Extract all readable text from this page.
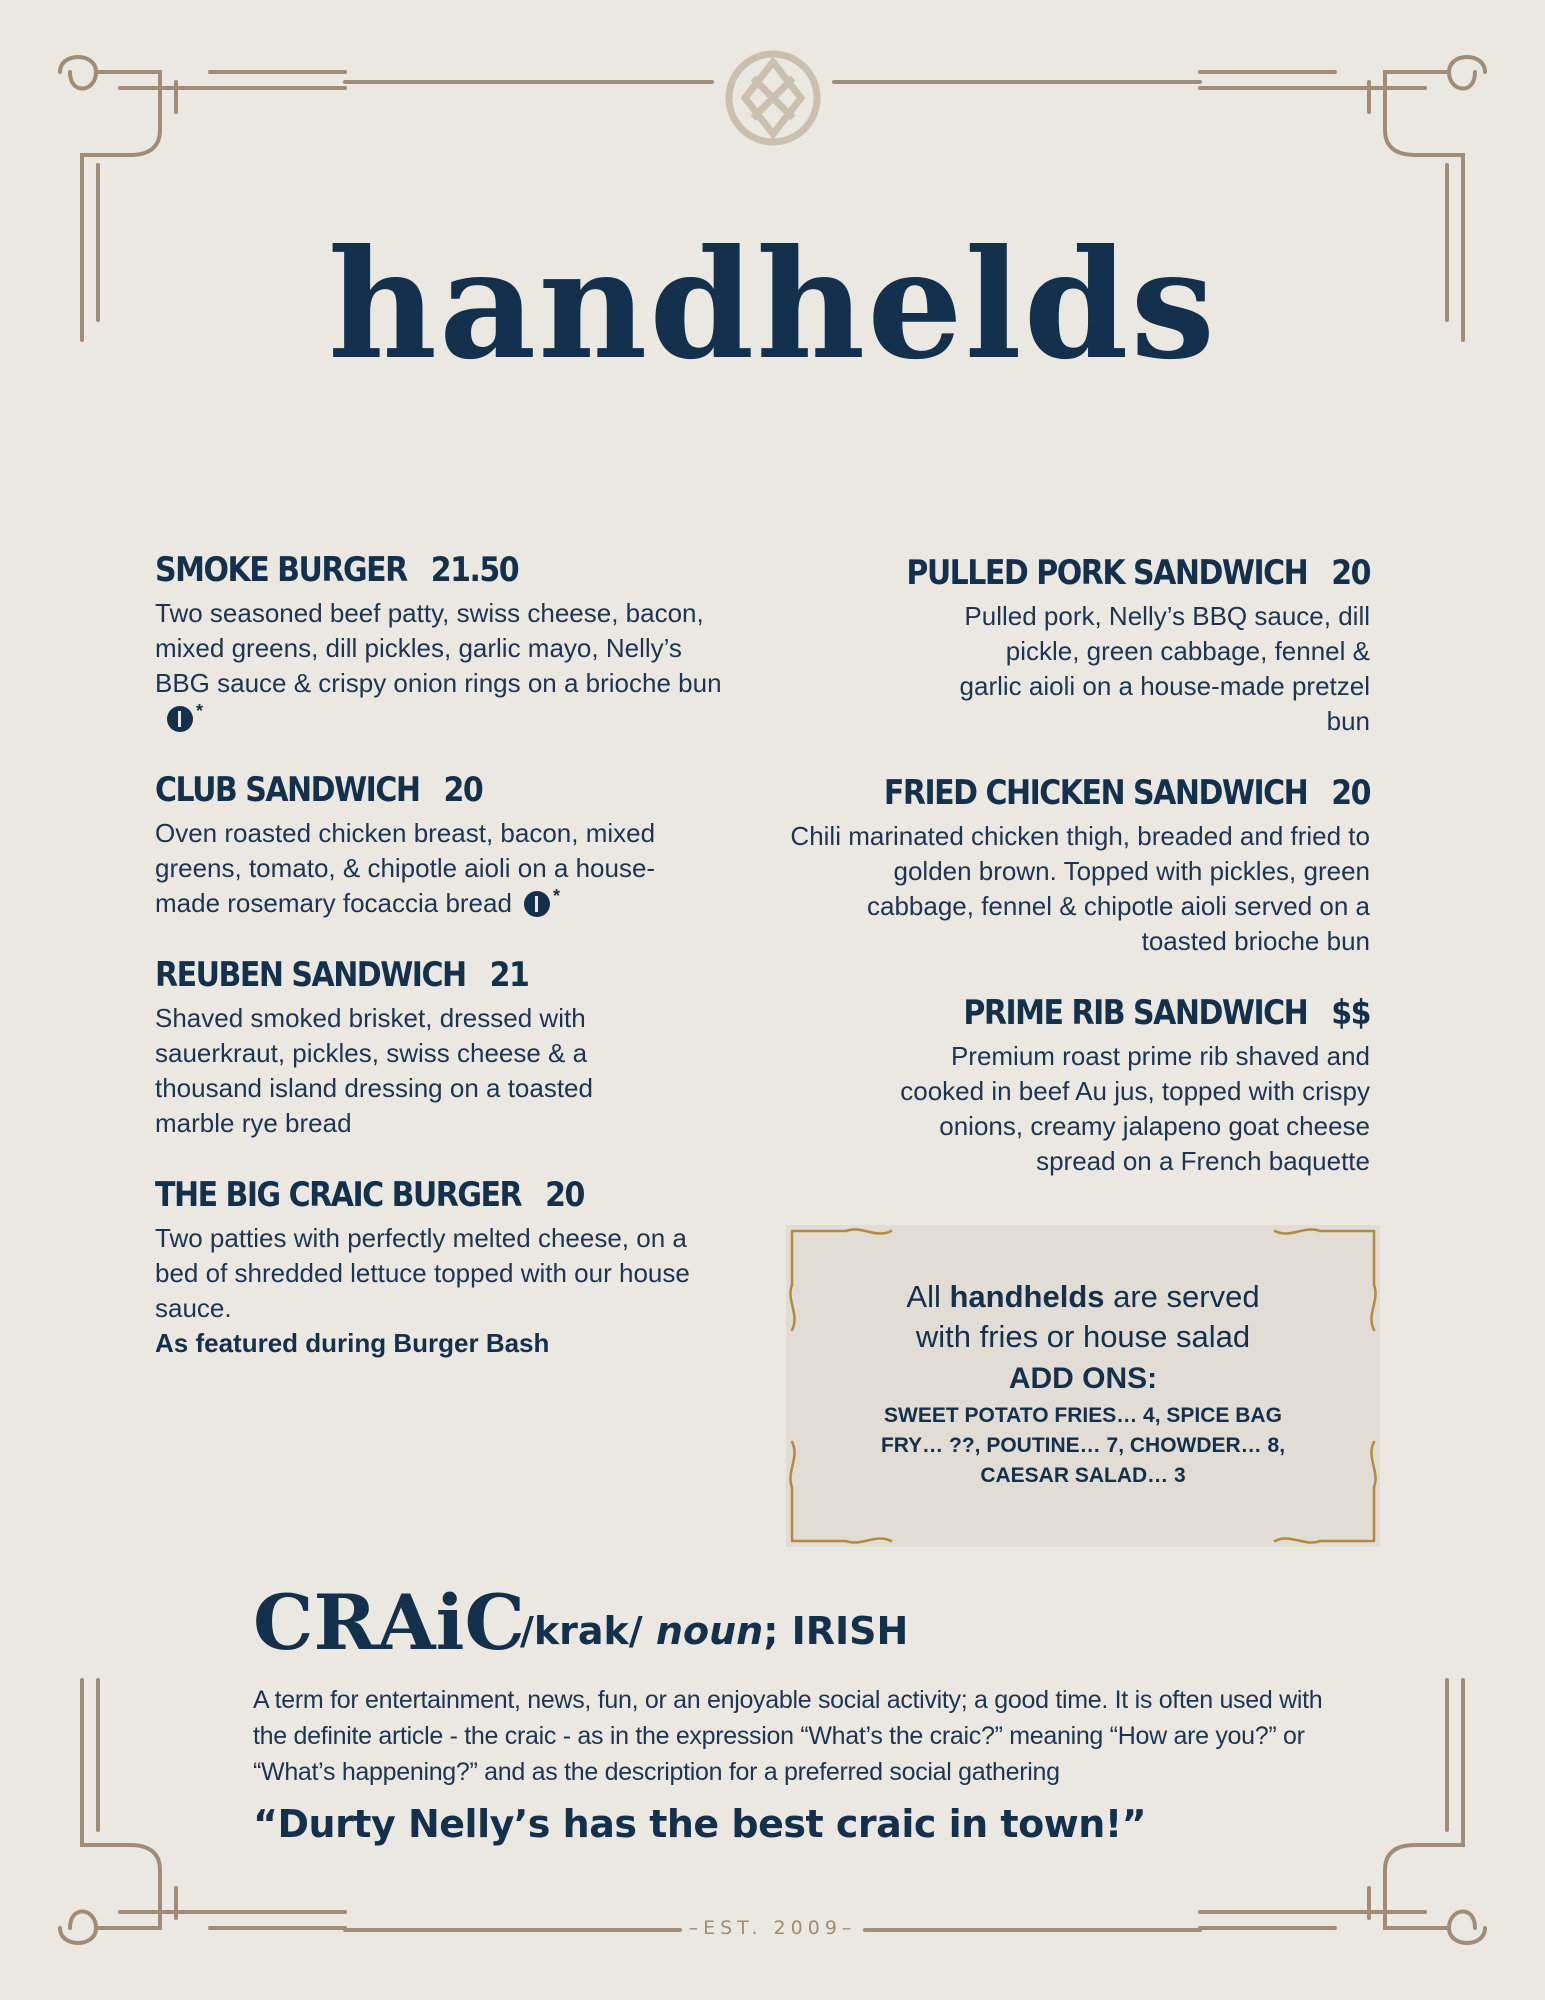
handhelds
SMOKE BURGER 21.50
Two seasoned beef patty, swiss cheese, bacon, mixed greens, dill pickles, garlic mayo, Nelly’s BBG sauce & crispy onion rings on a brioche bun*
CLUB SANDWICH 20
Oven roasted chicken breast, bacon, mixed greens, tomato, & chipotle aioli on a house-made rosemary focaccia bread*
REUBEN SANDWICH 21
Shaved smoked brisket, dressed with sauerkraut, pickles, swiss cheese & a thousand island dressing on a toasted marble rye bread
THE BIG CRAIC BURGER 20
Two patties with perfectly melted cheese, on a bed of shredded lettuce topped with our house sauce.
As featured during Burger Bash
PULLED PORK SANDWICH 20
Pulled pork, Nelly’s BBQ sauce, dill pickle, green cabbage, fennel & garlic aioli on a house-made pretzel bun
FRIED CHICKEN SANDWICH 20
Chili marinated chicken thigh, breaded and fried to golden brown. Topped with pickles, green cabbage, fennel & chipotle aioli served on a toasted brioche bun
PRIME RIB SANDWICH $$
Premium roast prime rib shaved and cooked in beef Au jus, topped with crispy onions, creamy jalapeno goat cheese spread on a French baquette
All handhelds are served
with fries or house salad
ADD ONS:
SWEET POTATO FRIES… 4, SPICE BAG FRY… ??, POUTINE… 7, CHOWDER… 8, CAESAR SALAD… 3
CRAiC
/krak/ noun; IRISH
A term for entertainment, news, fun, or an enjoyable social activity; a good time. It is often used with the definite article - the craic - as in the expression “What’s the craic?” meaning “How are you?” or “What’s happening?” and as the description for a preferred social gathering
“Durty Nelly’s has the best craic in town!”
–EST. 2009–
